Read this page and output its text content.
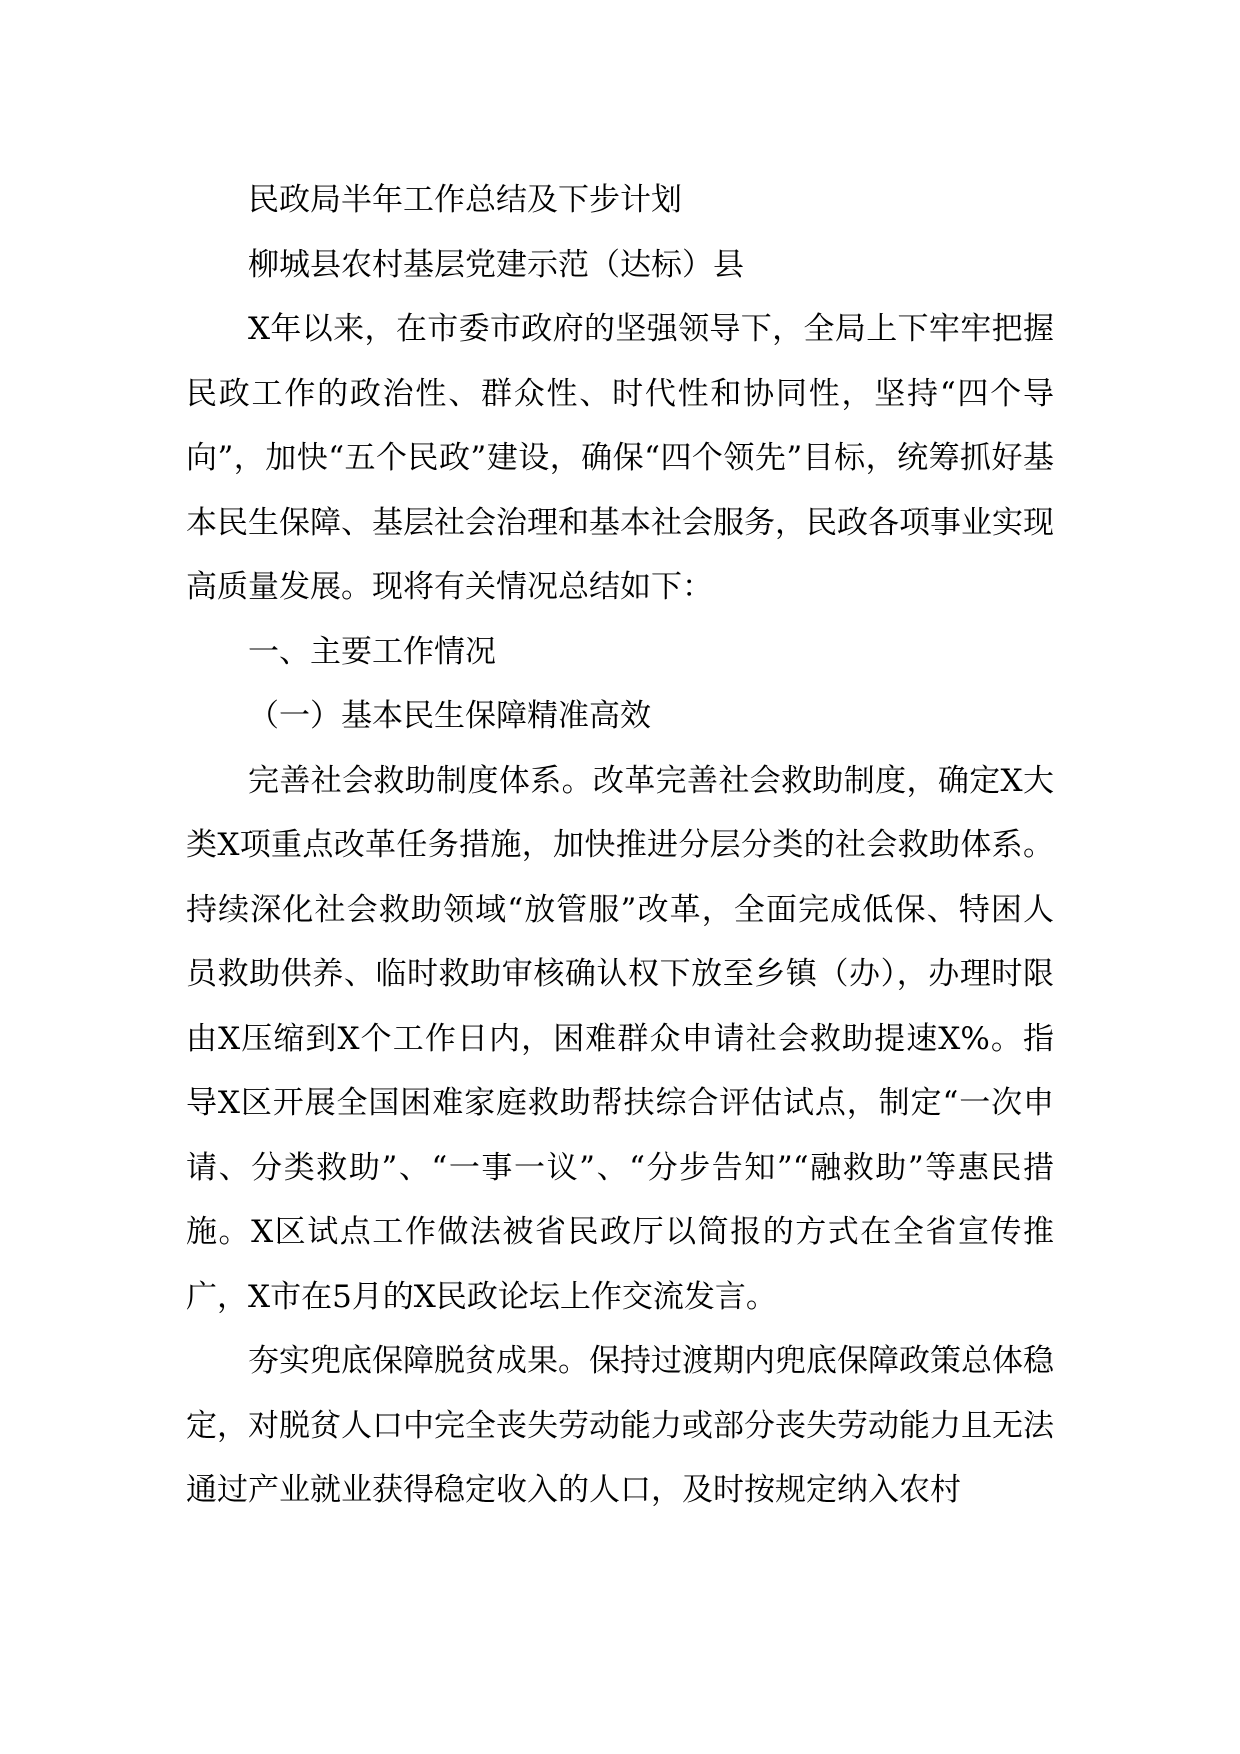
民政局半年工作总结及下步计划

柳城县农村基层党建示范（达标）县

X年以来，在市委市政府的坚强领导下，全局上下牢牢把握民政工作的政治性、群众性、时代性和协同性，坚持“四个导向”，加快“五个民政”建设，确保“四个领先”目标，统筹抓好基本民生保障、基层社会治理和基本社会服务，民政各项事业实现高质量发展。现将有关情况总结如下：

一、主要工作情况

（一）基本民生保障精准高效

完善社会救助制度体系。改革完善社会救助制度，确定X大类X项重点改革任务措施，加快推进分层分类的社会救助体系。持续深化社会救助领域“放管服”改革，全面完成低保、特困人员救助供养、临时救助审核确认权下放至乡镇（办），办理时限由X压缩到X个工作日内，困难群众申请社会救助提速X%。指导X区开展全国困难家庭救助帮扶综合评估试点，制定“一次申请、分类救助”、“一事一议”、“分步告知”“融救助”等惠民措施。X区试点工作做法被省民政厅以简报的方式在全省宣传推广，X市在5月的X民政论坛上作交流发言。

夯实兜底保障脱贫成果。保持过渡期内兜底保障政策总体稳定，对脱贫人口中完全丧失劳动能力或部分丧失劳动能力且无法通过产业就业获得稳定收入的人口，及时按规定纳入农村
